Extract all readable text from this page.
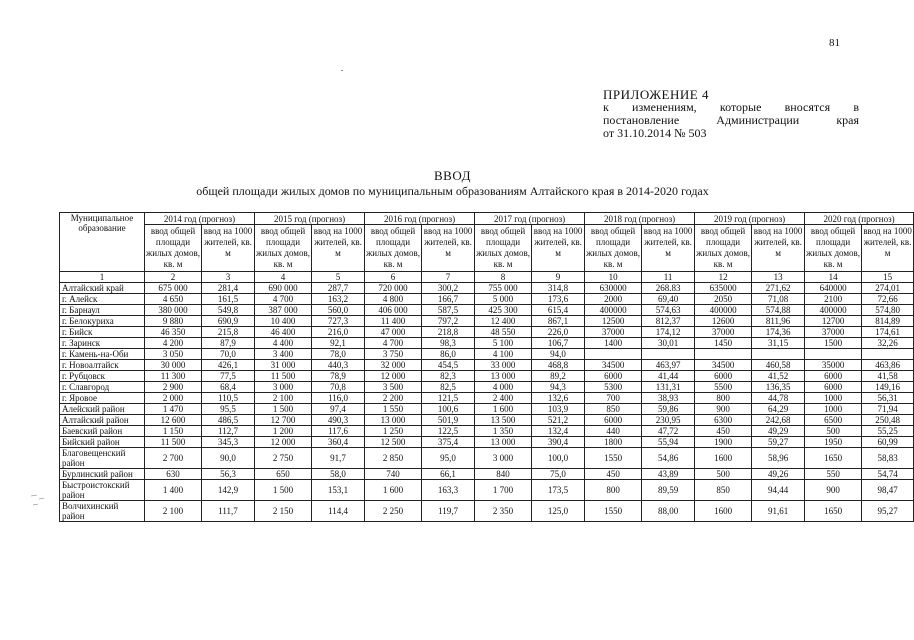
81
ПРИЛОЖЕНИЕ 4
к изменениям, которые вносятся в
постановление Администрации края
от 31.10.2014 № 503
ВВОД
общей площади жилых домов по муниципальным образованиям Алтайского края в 2014-2020 годах
Муниципальное образование	2014 год (прогноз)		2015 год (прогноз)		2016 год (прогноз)		2017 год (прогноз)		2018 год (прогноз)		2019 год (прогноз)		2020 год (прогноз)	
	ввод общей площади жилых домов, кв. м	ввод на 1000 жителей, кв. м	ввод общей площади жилых домов, кв. м	ввод на 1000 жителей, кв. м	ввод общей площади жилых домов, кв. м	ввод на 1000 жителей, кв. м	ввод общей площади жилых домов, кв. м	ввод на 1000 жителей, кв. м	ввод общей площади жилых домов, кв. м	ввод на 1000 жителей, кв. м	ввод общей площади жилых домов, кв. м	ввод на 1000 жителей, кв. м	ввод общей площади жилых домов, кв. м	ввод на 1000 жителей, кв. м
1	2	3	4	5	6	7	8	9	10	11	12	13	14	15
Алтайский край	675 000	281,4	690 000	287,7	720 000	300,2	755 000	314,8	630000	268.83	635000	271,62	640000	274,01
г. Алейск	4 650	161,5	4 700	163,2	4 800	166,7	5 000	173,6	2000	69,40	2050	71,08	2100	72,66
г. Барнаул	380 000	549,8	387 000	560,0	406 000	587,5	425 300	615,4	400000	574,63	400000	574,88	400000	574,80
г. Белокуриха	9 880	690,9	10 400	727,3	11 400	797,2	12 400	867,1	12500	812,37	12600	811,96	12700	814,89
г. Бийск	46 350	215,8	46 400	216,0	47 000	218,8	48 550	226,0	37000	174,12	37000	174,36	37000	174,61
г. Заринск	4 200	87,9	4 400	92,1	4 700	98,3	5 100	106,7	1400	30,01	1450	31,15	1500	32,26
г. Камень-на-Оби	3 050	70,0	3 400	78,0	3 750	86,0	4 100	94,0						
г. Новоалтайск	30 000	426,1	31 000	440,3	32 000	454,5	33 000	468,8	34500	463,97	34500	460,58	35000	463,86
г. Рубцовск	11 300	77,5	11 500	78,9	12 000	82,3	13 000	89,2	6000	41,44	6000	41,52	6000	41,58
г. Славгород	2 900	68,4	3 000	70,8	3 500	82,5	4 000	94,3	5300	131,31	5500	136,35	6000	149,16
г. Яровое	2 000	110,5	2 100	116,0	2 200	121,5	2 400	132,6	700	38,93	800	44,78	1000	56,31
Алейский район	1 470	95,5	1 500	97,4	1 550	100,6	1 600	103,9	850	59,86	900	64,29	1000	71,94
Алтайский район	12 600	486,5	12 700	490,3	13 000	501,9	13 500	521,2	6000	230,95	6300	242,68	6500	250,48
Баевский район	1 150	112,7	1 200	117,6	1 250	122,5	1 350	132,4	440	47,72	450	49,29	500	55,25
Бийский район	11 500	345,3	12 000	360,4	12 500	375,4	13 000	390,4	1800	55,94	1900	59,27	1950	60,99
Благовещенский район	2 700	90,0	2 750	91,7	2 850	95,0	3 000	100,0	1550	54,86	1600	58,96	1650	58,83
Бурлинский район	630	56,3	650	58,0	740	66,1	840	75,0	450	43,89	500	49,26	550	54,74
Быстроистокский район	1 400	142,9	1 500	153,1	1 600	163,3	1 700	173,5	800	89,59	850	94,44	900	98,47
Волчихинский район	2 100	111,7	2 150	114,4	2 250	119,7	2 350	125,0	1550	88,00	1600	91,61	1650	95,27
